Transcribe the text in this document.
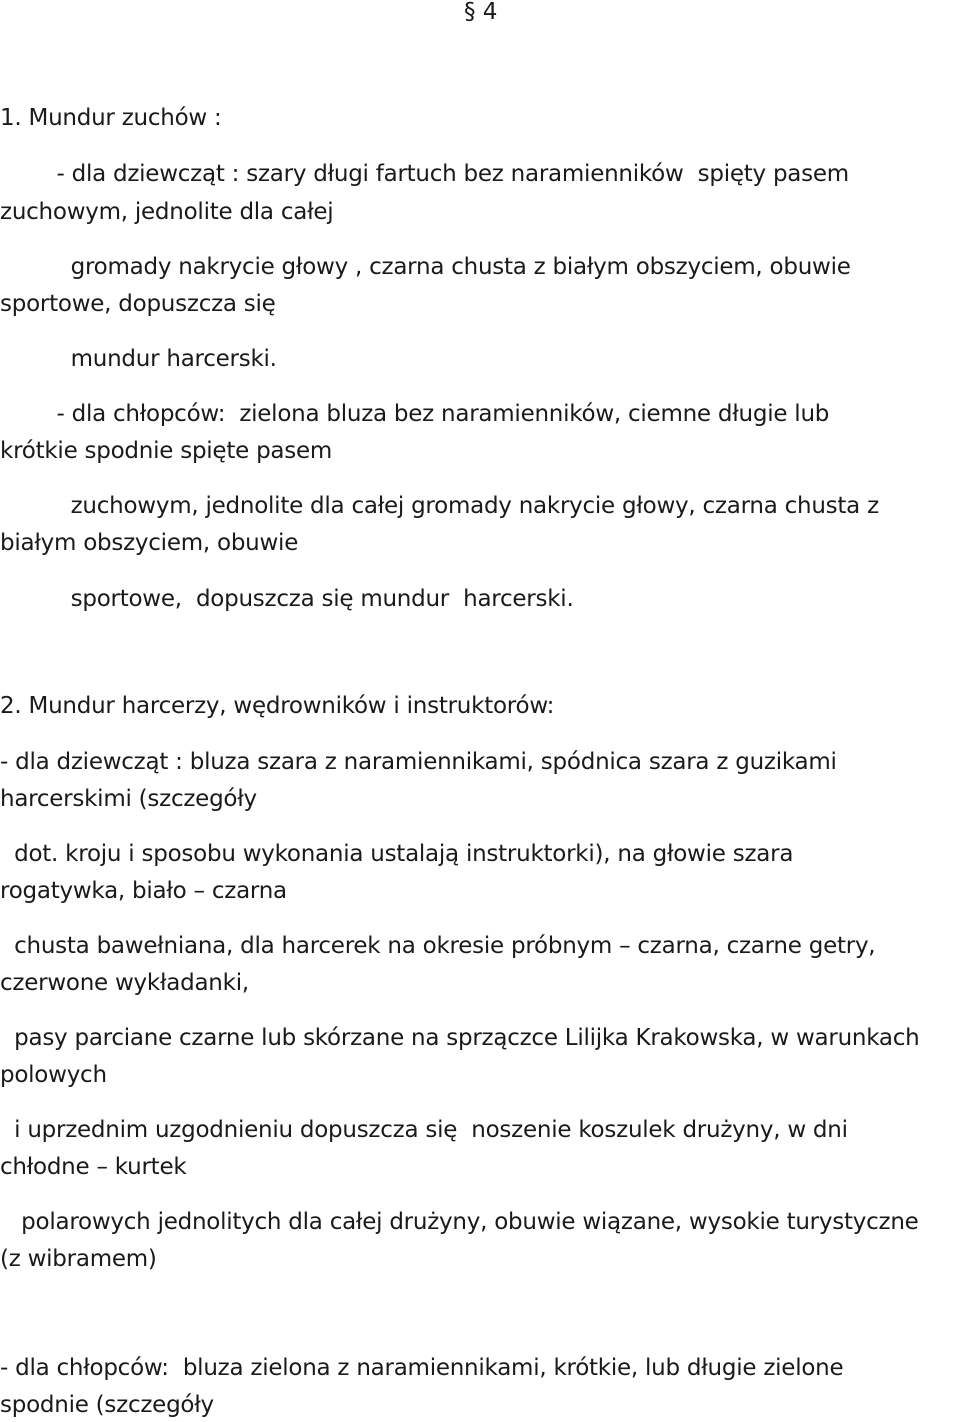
§ 4

1. Mundur zuchów :

- dla dziewcząt : szary długi fartuch bez naramienników  spięty pasem

zuchowym, jednolite dla całej

gromady nakrycie głowy , czarna chusta z białym obszyciem, obuwie

sportowe, dopuszcza się

mundur harcerski.

- dla chłopców:  zielona bluza bez naramienników, ciemne długie lub

krótkie spodnie spięte pasem

zuchowym, jednolite dla całej gromady nakrycie głowy, czarna chusta z

białym obszyciem, obuwie

sportowe,  dopuszcza się mundur  harcerski.

2. Mundur harcerzy, wędrowników i instruktorów:

- dla dziewcząt : bluza szara z naramiennikami, spódnica szara z guzikami

harcerskimi (szczegóły

dot. kroju i sposobu wykonania ustalają instruktorki), na głowie szara

rogatywka, biało – czarna

chusta bawełniana, dla harcerek na okresie próbnym – czarna, czarne getry,

czerwone wykładanki,

pasy parciane czarne lub skórzane na sprzączce Lilijka Krakowska, w warunkach

polowych

i uprzednim uzgodnieniu dopuszcza się  noszenie koszulek drużyny, w dni

chłodne – kurtek

polarowych jednolitych dla całej drużyny, obuwie wiązane, wysokie turystyczne

(z wibramem)

- dla chłopców:  bluza zielona z naramiennikami, krótkie, lub długie zielone

spodnie (szczegóły
